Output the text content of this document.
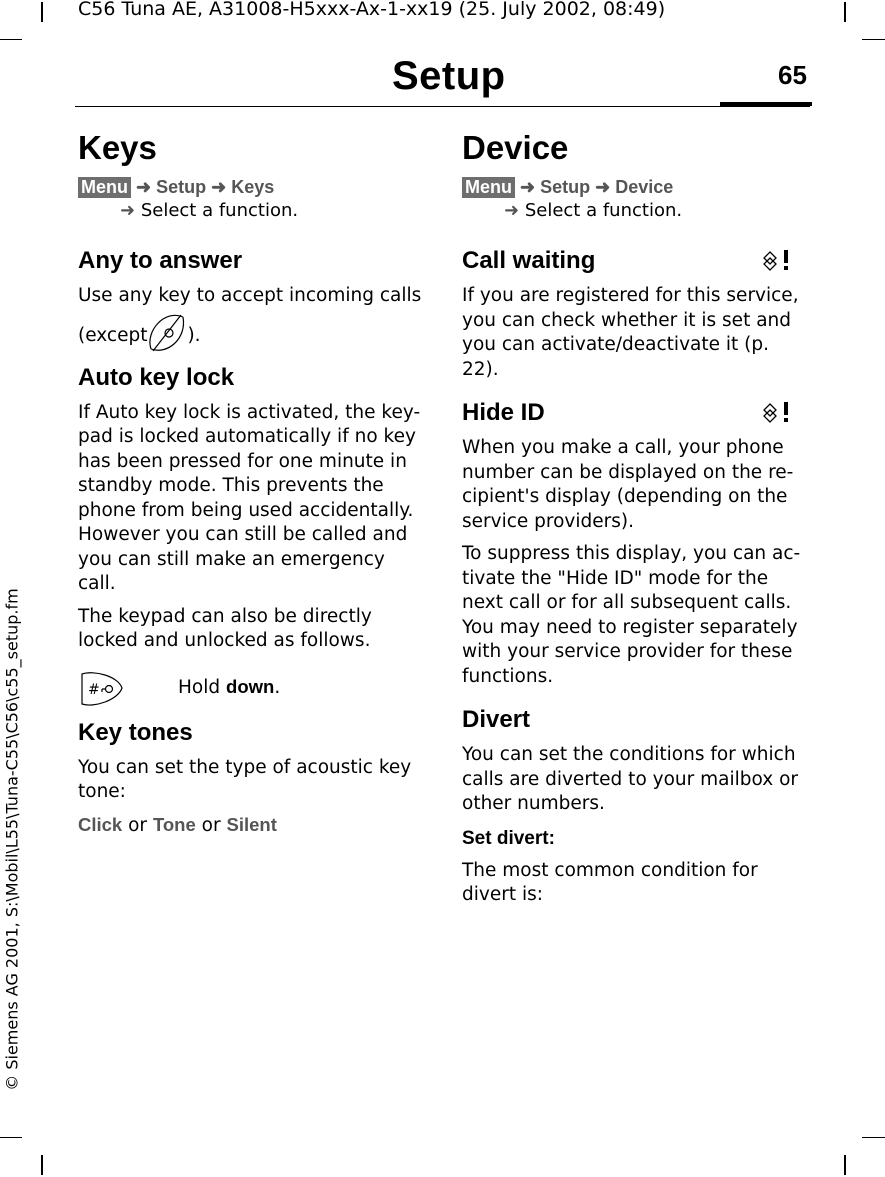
C56 Tuna AE, A31008-H5xxx-Ax-1-xx19 (25. July 2002, 08:49)
© Siemens AG 2001, S:\Mobil\L55\Tuna-C55\C56\c55_setup.fm
Setup	65
Keys
Menu ➜ Setup ➜ Keys
➜ Select a function.
Any to answer

Use any key to accept incoming calls
(except ).

Auto key lock

If Auto key lock is activated, the key-pad is locked automatically if no key has been pressed for one minute in standby mode. This prevents the phone from being used accidentally. However you can still be called and you can still make an emergency call.

The keypad can also be directly locked and unlocked as follows.

#	Hold down.
Key tones

You can set the type of acoustic key tone:

Click or Tone or Silent

Device
Menu ➜ Setup ➜ Device
➜ Select a function.
Call waiting

If you are registered for this service, you can check whether it is set and you can activate/deactivate it (p. 22).

Hide ID

When you make a call, your phone number can be displayed on the re-cipient's display (depending on the service providers).

To suppress this display, you can ac-tivate the "Hide ID" mode for the next call or for all subsequent calls. You may need to register separately with your service provider for these functions.

Divert

You can set the conditions for which calls are diverted to your mailbox or other numbers.

Set divert:

The most common condition for divert is:
